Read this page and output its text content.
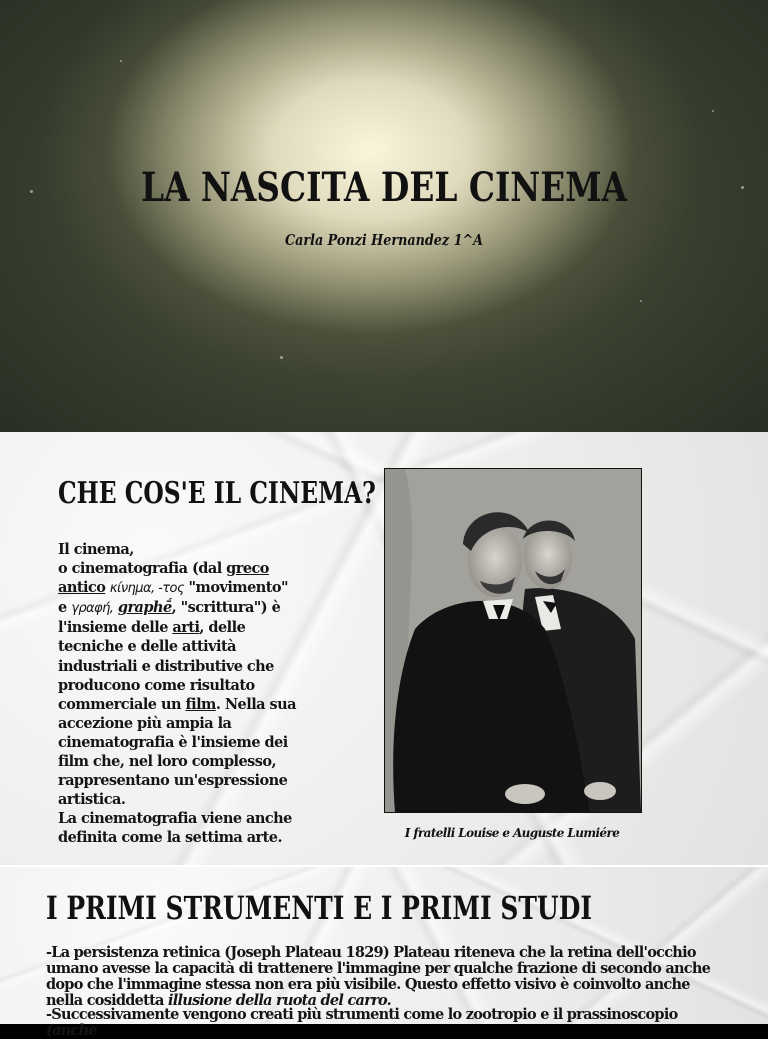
LA NASCITA DEL CINEMA
Carla Ponzi Hernandez 1^A
CHE COS'E IL CINEMA?
Il cinema,
o cinematografia (dal greco antico κίνημα, -τος "movimento" e γραφή, graphḗ, "scrittura") è l'insieme delle arti, delle tecniche e delle attività industriali e distributive che producono come risultato commerciale un film. Nella sua accezione più ampia la cinematografia è l'insieme dei film che, nel loro complesso, rappresentano un'espressione artistica.
La cinematografia viene anche definita come la settima arte.	I fratelli Louise e Auguste Lumiére
I PRIMI STRUMENTI E I PRIMI STUDI
-La persistenza retinica (Joseph Plateau 1829) Plateau riteneva che la retina dell'occhio umano avesse la capacità di trattenere l'immagine per qualche frazione di secondo anche dopo che l'immagine stessa non era più visibile. Questo effetto visivo è coinvolto anche nella cosiddetta illusione della ruota del carro.
-Successivamente vengono creati più strumenti come lo zootropio e il prassinoscopio (anche
